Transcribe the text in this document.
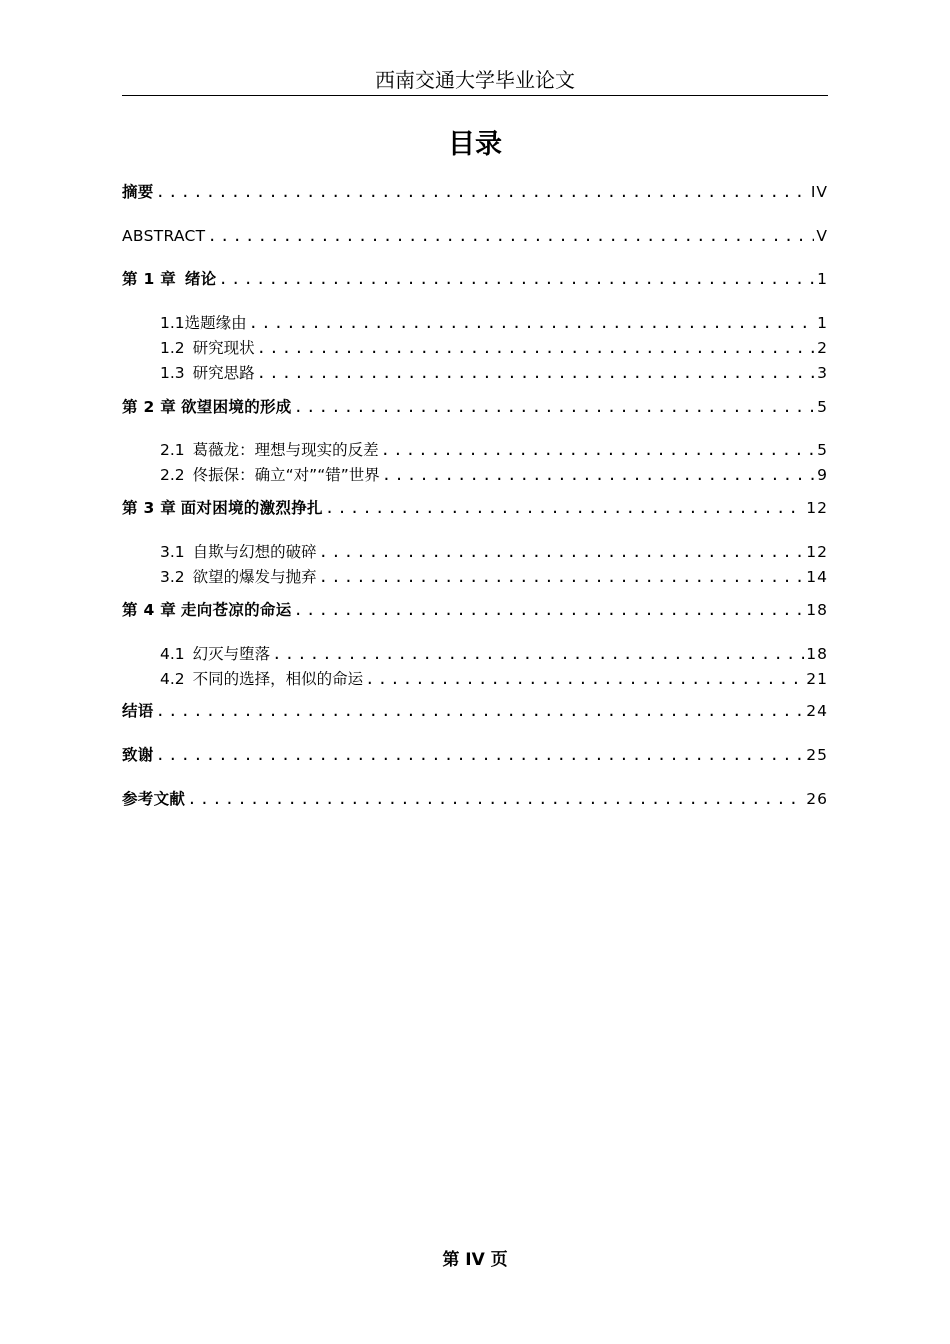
西南交通大学毕业论文
目录
摘要 .....	IV
ABSTRACT .....	V
第 1 章 绪论 .....	1
1.1 选题缘由 .....	1
1.2 研究现状 .....	2
1.3 研究思路 .....	3
第 2 章 欲望困境的形成 .....	5
2.1 葛薇龙：理想与现实的反差 .....	5
2.2 佟振保：确立“对”“错”世界 .....	9
第 3 章 面对困境的激烈挣扎 .....	12
3.1 自欺与幻想的破碎 .....	12
3.2 欲望的爆发与抛弃 .....	14
第 4 章 走向苍凉的命运 .....	18
4.1 幻灭与堕落 .....	18
4.2 不同的选择，相似的命运 .....	21
结语 .....	24
致谢 .....	25
参考文献 .....	26
第 IV 页
